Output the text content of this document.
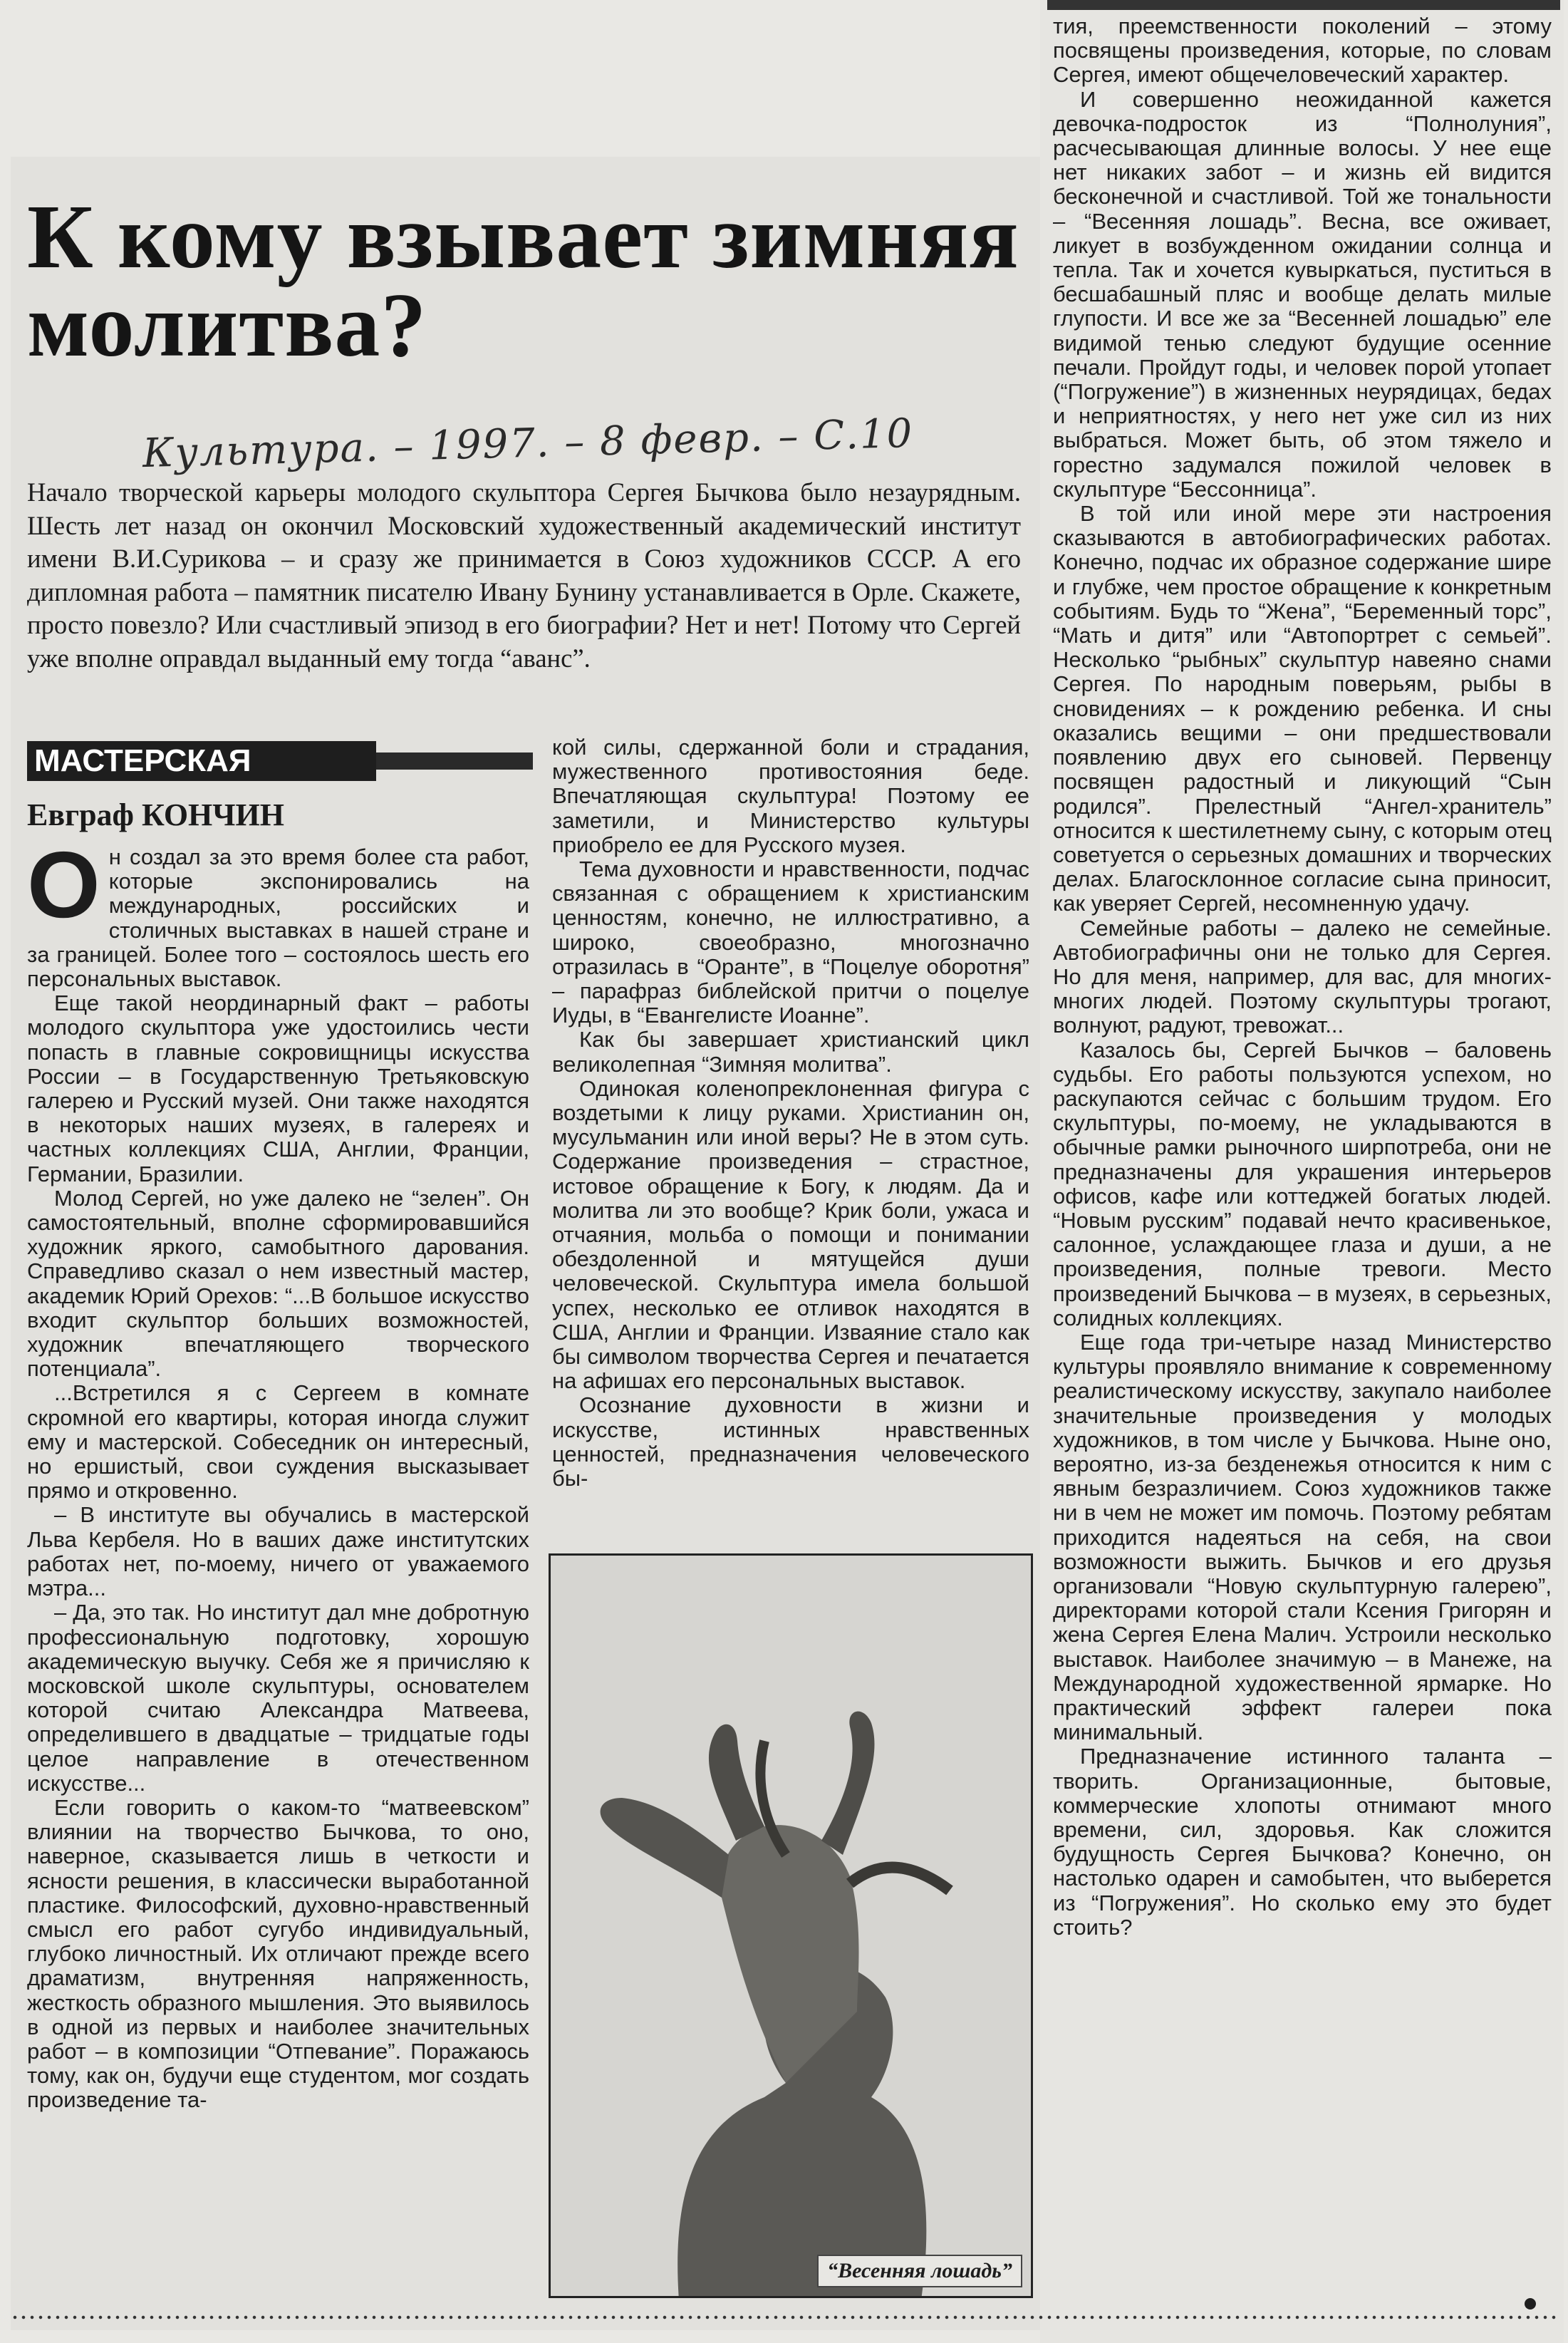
К кому взывает зимняя молитва?
Культура. – 1997. – 8 февр. – С.10
Начало творческой карьеры молодого скульптора Сергея Бычкова было незаурядным. Шесть лет назад он окончил Московский художественный академический институт имени В.И.Сурикова – и сразу же принимается в Союз художников СССР. А его дипломная работа – памятник писателю Ивану Бунину устанавливается в Орле. Скажете, просто повезло? Или счастливый эпизод в его биографии? Нет и нет! Потому что Сергей уже вполне оправдал выданный ему тогда “аванс”.
МАСТЕРСКАЯ
Евграф КОНЧИН

Он создал за это время более ста работ, которые экспонировались на международных, российских и столичных выставках в нашей стране и за границей. Более того – состоялось шесть его персональных выставок.

Еще такой неординарный факт – работы молодого скульптора уже удостоились чести попасть в главные сокровищницы искусства России – в Государственную Третьяковскую галерею и Русский музей. Они также находятся в некоторых наших музеях, в галереях и частных коллекциях США, Англии, Франции, Германии, Бразилии.

Молод Сергей, но уже далеко не “зелен”. Он самостоятельный, вполне сформировавшийся художник яркого, самобытного дарования. Справедливо сказал о нем известный мастер, академик Юрий Орехов: “...В большое искусство входит скульптор больших возможностей, художник впечатляющего творческого потенциала”.

...Встретился я с Сергеем в комнате скромной его квартиры, которая иногда служит ему и мастерской. Собеседник он интересный, но ершистый, свои суждения высказывает прямо и откровенно.

– В институте вы обучались в мастерской Льва Кербеля. Но в ваших даже институтских работах нет, по-моему, ничего от уважаемого мэтра...

– Да, это так. Но институт дал мне добротную профессиональную подготовку, хорошую академическую выучку. Себя же я причисляю к московской школе скульптуры, основателем которой считаю Александра Матвеева, определившего в двадцатые – тридцатые годы целое направление в отечественном искусстве...

Если говорить о каком-то “матвеевском” влиянии на творчество Бычкова, то оно, наверное, сказывается лишь в четкости и ясности решения, в классически выработанной пластике. Философский, духовно-нравственный смысл его работ сугубо индивидуальный, глубоко личностный. Их отличают прежде всего драматизм, внутренняя напряженность, жесткость образного мышления. Это выявилось в одной из первых и наиболее значительных работ – в композиции “Отпевание”. Поражаюсь тому, как он, будучи еще студентом, мог создать произведение та-

кой силы, сдержанной боли и страдания, мужественного противостояния беде. Впечатляющая скульптура! Поэтому ее заметили, и Министерство культуры приобрело ее для Русского музея.

Тема духовности и нравственности, подчас связанная с обращением к христианским ценностям, конечно, не иллюстративно, а широко, своеобразно, многозначно отразилась в “Оранте”, в “Поцелуе оборотня” – парафраз библейской притчи о поцелуе Иуды, в “Евангелисте Иоанне”.

Как бы завершает христианский цикл великолепная “Зимняя молитва”.

Одинокая коленопреклоненная фигура с воздетыми к лицу руками. Христианин он, мусульманин или иной веры? Не в этом суть. Содержание произведения – страстное, истовое обращение к Богу, к людям. Да и молитва ли это вообще? Крик боли, ужаса и отчаяния, мольба о помощи и понимании обездоленной и мятущейся души человеческой. Скульптура имела большой успех, несколько ее отливок находятся в США, Англии и Франции. Изваяние стало как бы символом творчества Сергея и печатается на афишах его персональных выставок.

Осознание духовности в жизни и искусстве, истинных нравственных ценностей, предназначения человеческого бы-

“Весенняя лошадь”

тия, преемственности поколений – этому посвящены произведения, которые, по словам Сергея, имеют общечеловеческий характер.

И совершенно неожиданной кажется девочка-подросток из “Полнолуния”, расчесывающая длинные волосы. У нее еще нет никаких забот – и жизнь ей видится бесконечной и счастливой. Той же тональности – “Весенняя лошадь”. Весна, все оживает, ликует в возбужденном ожидании солнца и тепла. Так и хочется кувыркаться, пуститься в бесшабашный пляс и вообще делать милые глупости. И все же за “Весенней лошадью” еле видимой тенью следуют будущие осенние печали. Пройдут годы, и человек порой утопает (“Погружение”) в жизненных неурядицах, бедах и неприятностях, у него нет уже сил из них выбраться. Может быть, об этом тяжело и горестно задумался пожилой человек в скульптуре “Бессонница”.

В той или иной мере эти настроения сказываются в автобиографических работах. Конечно, подчас их образное содержание шире и глубже, чем простое обращение к конкретным событиям. Будь то “Жена”, “Беременный торс”, “Мать и дитя” или “Автопортрет с семьей”. Несколько “рыбных” скульптур навеяно снами Сергея. По народным поверьям, рыбы в сновидениях – к рождению ребенка. И сны оказались вещими – они предшествовали появлению двух его сыновей. Первенцу посвящен радостный и ликующий “Сын родился”. Прелестный “Ангел-хранитель” относится к шестилетнему сыну, с которым отец советуется о серьезных домашних и творческих делах. Благосклонное согласие сына приносит, как уверяет Сергей, несомненную удачу.

Семейные работы – далеко не семейные. Автобиографичны они не только для Сергея. Но для меня, например, для вас, для многих-многих людей. Поэтому скульптуры трогают, волнуют, радуют, тревожат...

Казалось бы, Сергей Бычков – баловень судьбы. Его работы пользуются успехом, но раскупаются сейчас с большим трудом. Его скульптуры, по-моему, не укладываются в обычные рамки рыночного ширпотреба, они не предназначены для украшения интерьеров офисов, кафе или коттеджей богатых людей. “Новым русским” подавай нечто красивенькое, салонное, услаждающее глаза и души, а не произведения, полные тревоги. Место произведений Бычкова – в музеях, в серьезных, солидных коллекциях.

Еще года три-четыре назад Министерство культуры проявляло внимание к современному реалистическому искусству, закупало наиболее значительные произведения у молодых художников, в том числе у Бычкова. Ныне оно, вероятно, из-за безденежья относится к ним с явным безразличием. Союз художников также ни в чем не может им помочь. Поэтому ребятам приходится надеяться на себя, на свои возможности выжить. Бычков и его друзья организовали “Новую скульптурную галерею”, директорами которой стали Ксения Григорян и жена Сергея Елена Малич. Устроили несколько выставок. Наиболее значимую – в Манеже, на Международной художественной ярмарке. Но практический эффект галереи пока минимальный.

Предназначение истинного таланта – творить. Организационные, бытовые, коммерческие хлопоты отнимают много времени, сил, здоровья. Как сложится будущность Сергея Бычкова? Конечно, он настолько одарен и самобытен, что выберется из “Погружения”. Но сколько ему это будет стоить?
